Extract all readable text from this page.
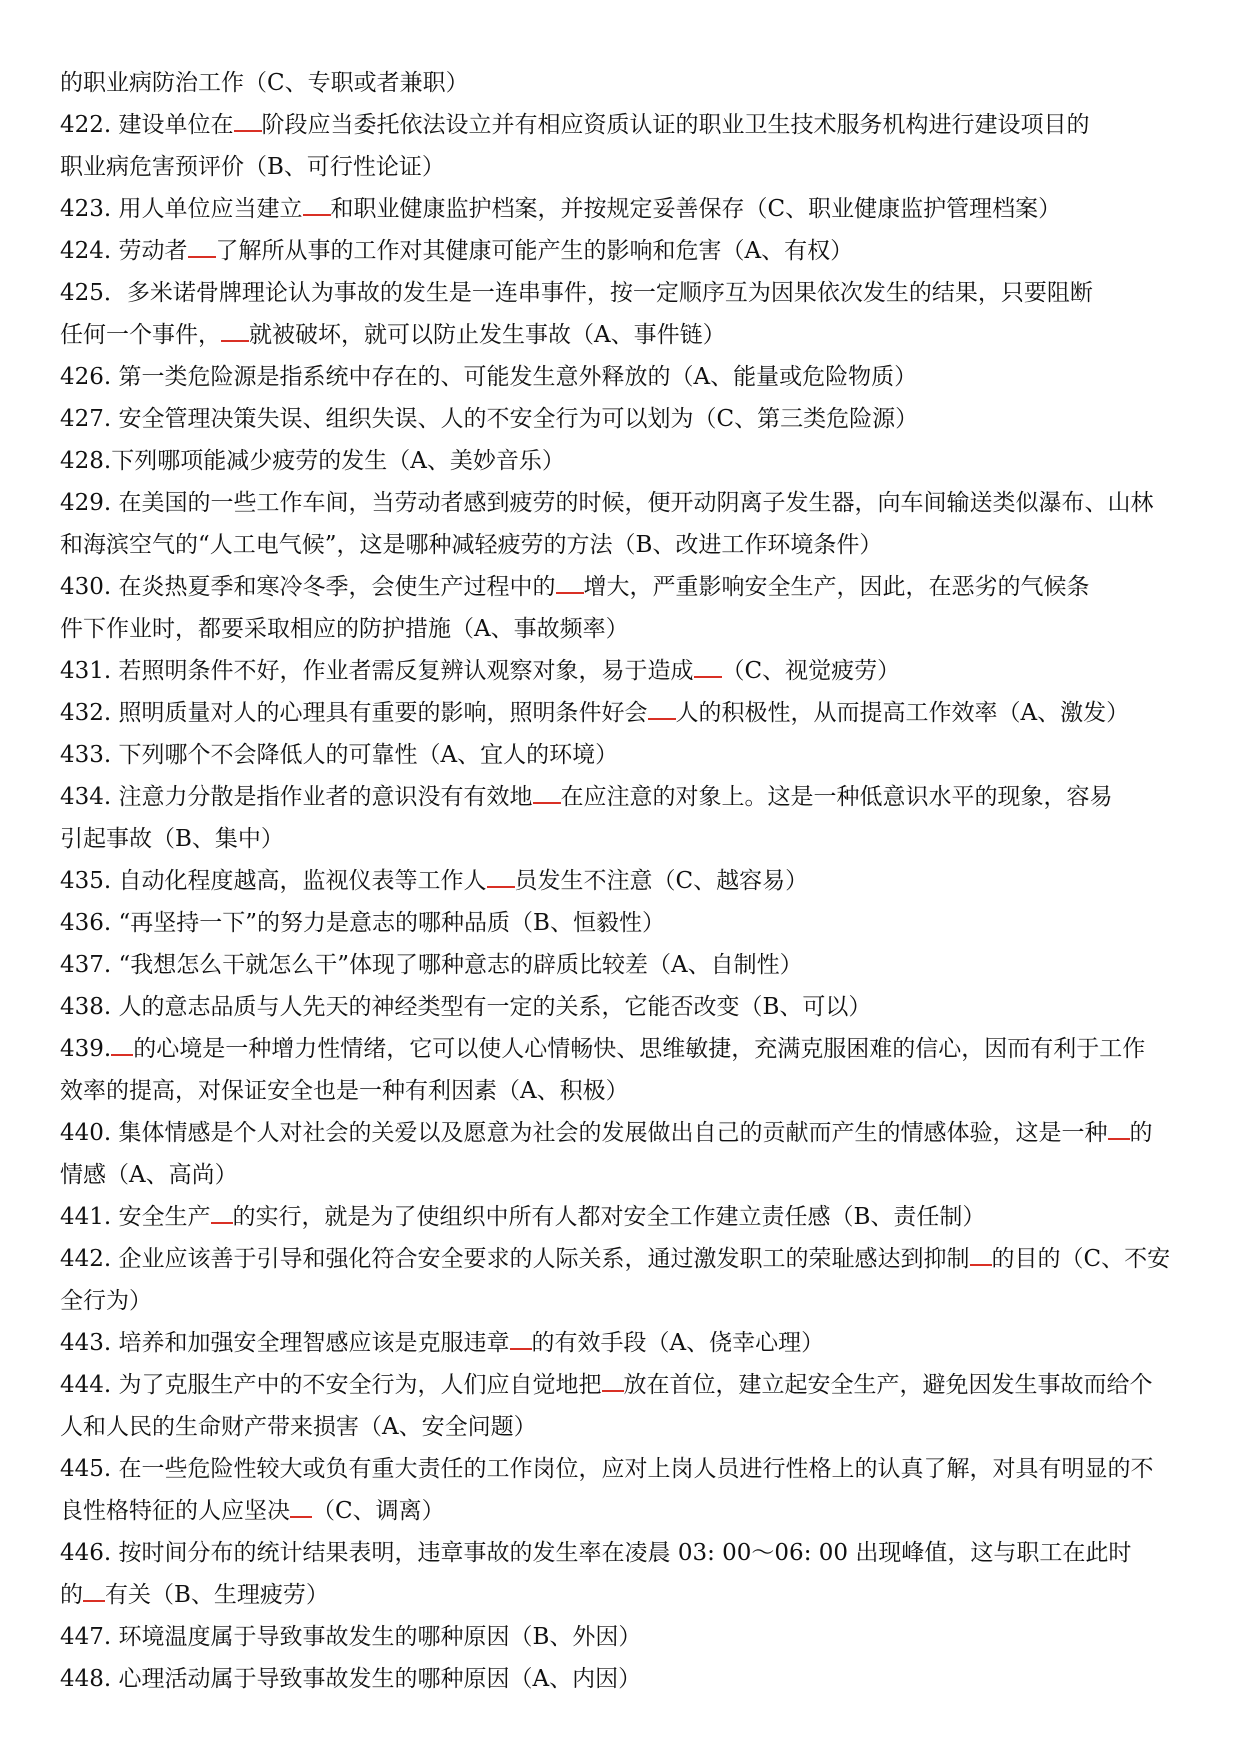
的职业病防治工作（C、专职或者兼职）
422. 建设单位在 阶段应当委托依法设立并有相应资质认证的职业卫生技术服务机构进行建设项目的
职业病危害预评价（B、可行性论证）
423. 用人单位应当建立 和职业健康监护档案，并按规定妥善保存（C、职业健康监护管理档案）
424. 劳动者 了解所从事的工作对其健康可能产生的影响和危害（A、有权）
425．多米诺骨牌理论认为事故的发生是一连串事件，按一定顺序互为因果依次发生的结果，只要阻断
任何一个事件， 就被破坏，就可以防止发生事故（A、事件链）
426. 第一类危险源是指系统中存在的、可能发生意外释放的（A、能量或危险物质）
427. 安全管理决策失误、组织失误、人的不安全行为可以划为（C、第三类危险源）
428.下列哪项能减少疲劳的发生（A、美妙音乐）
429. 在美国的一些工作车间，当劳动者感到疲劳的时候，便开动阴离子发生器，向车间输送类似瀑布、山林
和海滨空气的“人工电气候”，这是哪种减轻疲劳的方法（B、改进工作环境条件）
430. 在炎热夏季和寒冷冬季，会使生产过程中的 增大，严重影响安全生产，因此，在恶劣的气候条
件下作业时，都要采取相应的防护措施（A、事故频率）
431. 若照明条件不好，作业者需反复辨认观察对象，易于造成 （C、视觉疲劳）
432. 照明质量对人的心理具有重要的影响，照明条件好会 人的积极性，从而提高工作效率（A、激发）
433. 下列哪个不会降低人的可靠性（A、宜人的环境）
434. 注意力分散是指作业者的意识没有有效地 在应注意的对象上。这是一种低意识水平的现象，容易
引起事故（B、集中）
435. 自动化程度越高，监视仪表等工作人 员发生不注意（C、越容易）
436. “再坚持一下”的努力是意志的哪种品质（B、恒毅性）
437. “我想怎么干就怎么干”体现了哪种意志的辟质比较差（A、自制性）
438. 人的意志品质与人先天的神经类型有一定的关系，它能否改变（B、可以）
439. 的心境是一种增力性情绪，它可以使人心情畅快、思维敏捷，充满克服困难的信心，因而有利于工作
效率的提高，对保证安全也是一种有利因素（A、积极）
440. 集体情感是个人对社会的关爱以及愿意为社会的发展做出自己的贡献而产生的情感体验，这是一种 的
情感（A、高尚）
441. 安全生产 的实行，就是为了使组织中所有人都对安全工作建立责任感（B、责任制）
442. 企业应该善于引导和强化符合安全要求的人际关系，通过激发职工的荣耻感达到抑制 的目的（C、不安
全行为）
443. 培养和加强安全理智感应该是克服违章 的有效手段（A、侥幸心理）
444. 为了克服生产中的不安全行为，人们应自觉地把 放在首位，建立起安全生产，避免因发生事故而给个
人和人民的生命财产带来损害（A、安全问题）
445. 在一些危险性较大或负有重大责任的工作岗位，应对上岗人员进行性格上的认真了解，对具有明显的不
良性格特征的人应坚决 （C、调离）
446. 按时间分布的统计结果表明，违章事故的发生率在凌晨 03: 00〜06: 00 出现峰值，这与职工在此时
的 有关（B、生理疲劳）
447. 环境温度属于导致事故发生的哪种原因（B、外因）
448. 心理活动属于导致事故发生的哪种原因（A、内因）
